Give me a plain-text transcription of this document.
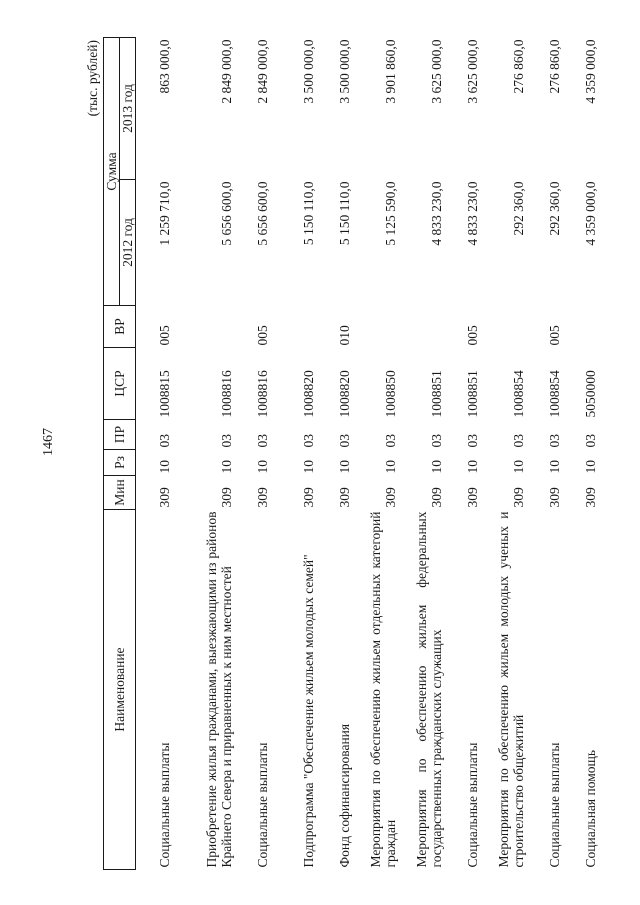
1467
(тыс. рублей)
Наименование	Мин	Рз	ПР	ЦСР	ВР	Сумма	
						2012 год	2013 год
Социальные выплаты	309	10	03	1008815	005	1 259 710,0	863 000,0
Приобретение жилья гражданами, выезжающими из районов Крайнего Севера и приравненных к ним местностей	309	10	03	1008816		5 656 600,0	2 849 000,0
Социальные выплаты	309	10	03	1008816	005	5 656 600,0	2 849 000,0
Подпрограмма "Обеспечение жильем молодых семей"	309	10	03	1008820		5 150 110,0	3 500 000,0
Фонд софинансирования	309	10	03	1008820	010	5 150 110,0	3 500 000,0
Мероприятия по обеспечению жильем отдельных категорий граждан	309	10	03	1008850		5 125 590,0	3 901 860,0
Мероприятия по обеспечению жильем федеральных государственных гражданских служащих	309	10	03	1008851		4 833 230,0	3 625 000,0
Социальные выплаты	309	10	03	1008851	005	4 833 230,0	3 625 000,0
Мероприятия по обеспечению жильем молодых ученых и строительство общежитий	309	10	03	1008854		292 360,0	276 860,0
Социальные выплаты	309	10	03	1008854	005	292 360,0	276 860,0
Социальная помощь	309	10	03	5050000		4 359 000,0	4 359 000,0
